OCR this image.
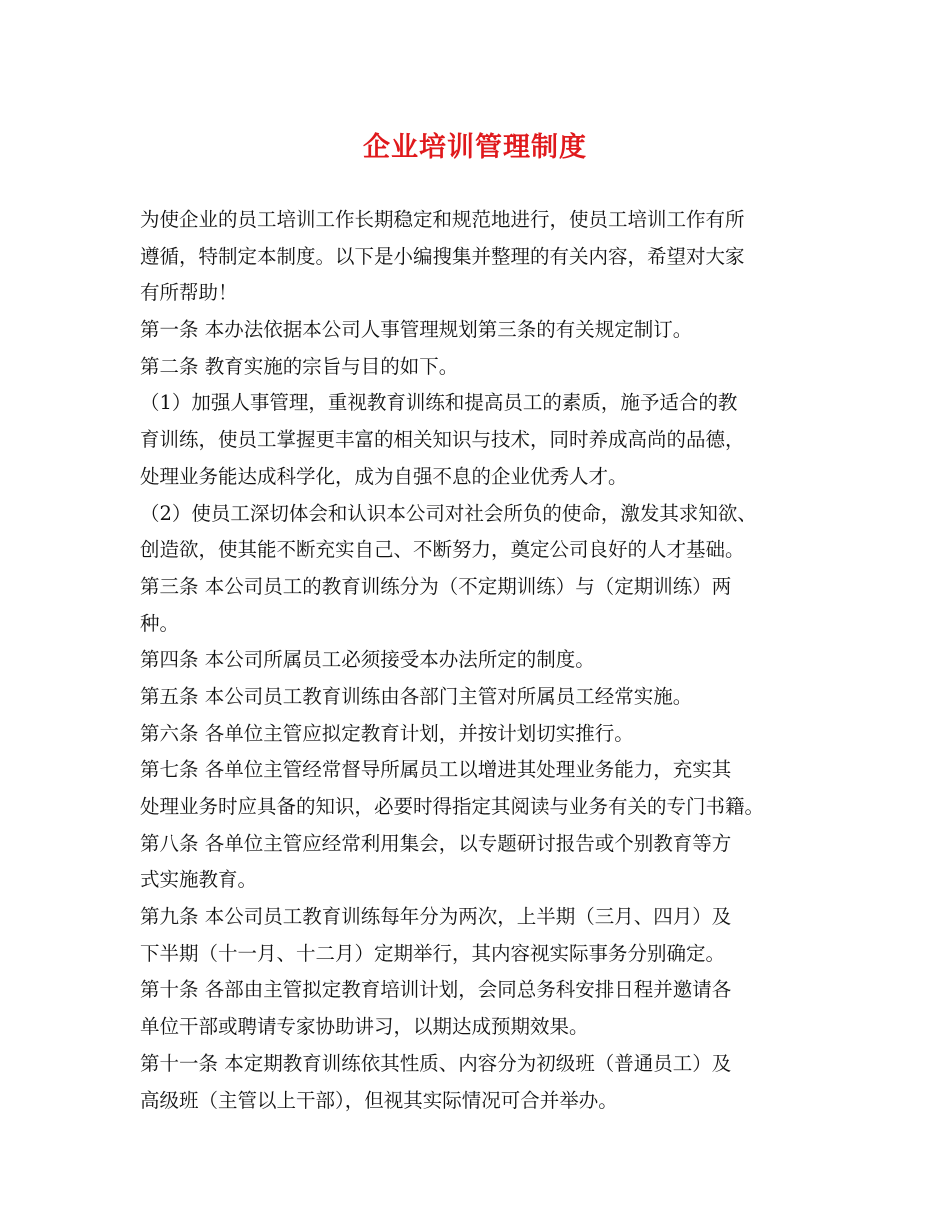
企业培训管理制度
为使企业的员工培训工作长期稳定和规范地进行，使员工培训工作有所
遵循，特制定本制度。以下是小编搜集并整理的有关内容，希望对大家
有所帮助！
第一条 本办法依据本公司人事管理规划第三条的有关规定制订。
第二条 教育实施的宗旨与目的如下。
（1）加强人事管理，重视教育训练和提高员工的素质，施予适合的教
育训练，使员工掌握更丰富的相关知识与技术，同时养成高尚的品德，
处理业务能达成科学化，成为自强不息的企业优秀人才。
（2）使员工深切体会和认识本公司对社会所负的使命，激发其求知欲、
创造欲，使其能不断充实自己、不断努力，奠定公司良好的人才基础。
第三条 本公司员工的教育训练分为（不定期训练）与（定期训练）两
种。
第四条 本公司所属员工必须接受本办法所定的制度。
第五条 本公司员工教育训练由各部门主管对所属员工经常实施。
第六条 各单位主管应拟定教育计划，并按计划切实推行。
第七条 各单位主管经常督导所属员工以增进其处理业务能力，充实其
处理业务时应具备的知识，必要时得指定其阅读与业务有关的专门书籍。
第八条 各单位主管应经常利用集会，以专题研讨报告或个别教育等方
式实施教育。
第九条 本公司员工教育训练每年分为两次，上半期（三月、四月）及
下半期（十一月、十二月）定期举行，其内容视实际事务分别确定。
第十条 各部由主管拟定教育培训计划，会同总务科安排日程并邀请各
单位干部或聘请专家协助讲习，以期达成预期效果。
第十一条 本定期教育训练依其性质、内容分为初级班（普通员工）及
高级班（主管以上干部），但视其实际情况可合并举办。
